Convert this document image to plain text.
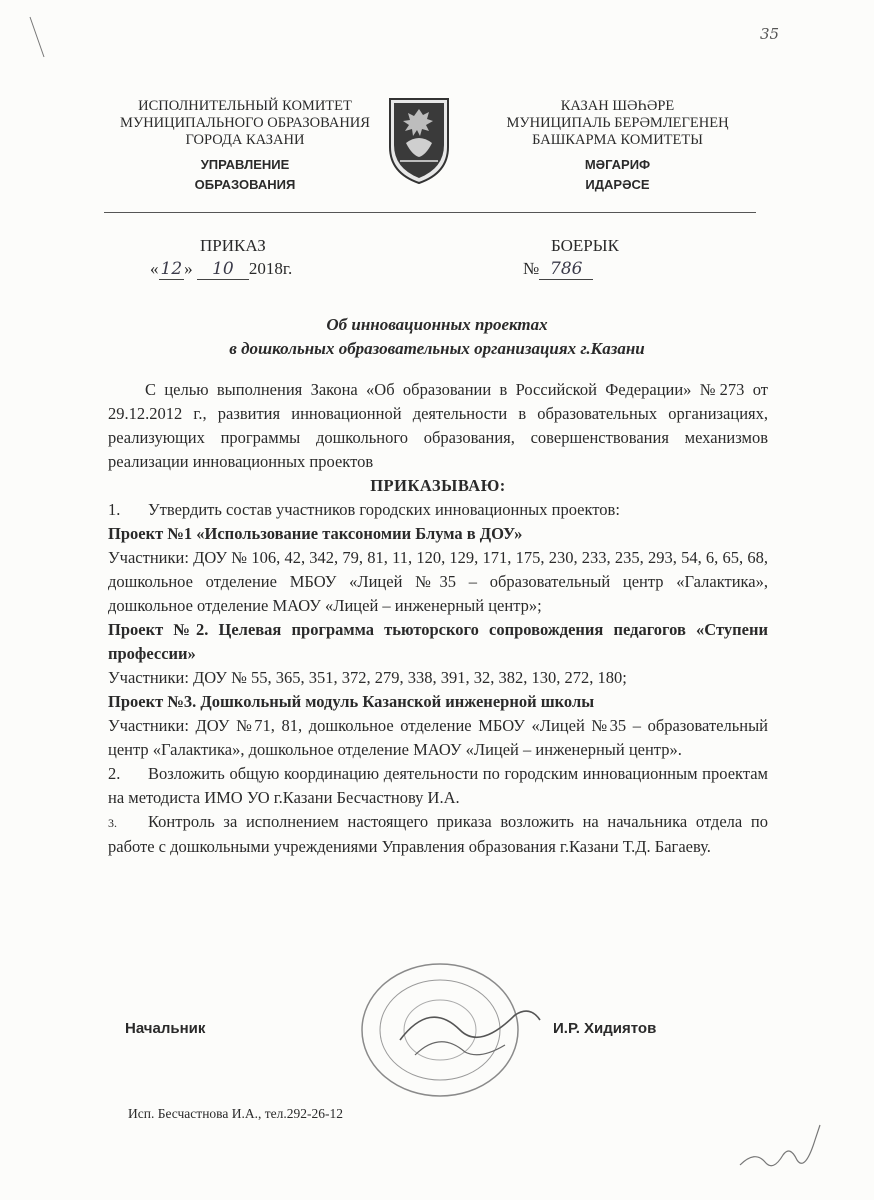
35
ИСПОЛНИТЕЛЬНЫЙ КОМИТЕТ
МУНИЦИПАЛЬНОГО ОБРАЗОВАНИЯ
ГОРОДА КАЗАНИ
УПРАВЛЕНИЕ
ОБРАЗОВАНИЯ
КАЗАН ШӘҺӘРЕ
МУНИЦИПАЛЬ БЕРӘМЛЕГЕНЕҢ
БАШКАРМА КОМИТЕТЫ
МӘГАРИФ
ИДАРӘСЕ
ПРИКАЗ	БОЕРЫК
« 12 » 10 2018г.	№ 786
Об инновационных проектах
в дошкольных образовательных организациях г.Казани

С целью выполнения Закона «Об образовании в Российской Федерации» №273 от 29.12.2012 г., развития инновационной деятельности в образовательных организациях, реализующих программы дошкольного образования, совершенствования механизмов реализации инновационных проектов

ПРИКАЗЫВАЮ:

1. Утвердить состав участников городских инновационных проектов:

Проект №1 «Использование таксономии Блума в ДОУ»

Участники: ДОУ № 106, 42, 342, 79, 81, 11, 120, 129, 171, 175, 230, 233, 235, 293, 54, 6, 65, 68, дошкольное отделение МБОУ «Лицей №35 – образовательный центр «Галактика», дошкольное отделение МАОУ «Лицей – инженерный центр»;

Проект №2. Целевая программа тьюторского сопровождения педагогов «Ступени профессии»

Участники: ДОУ № 55, 365, 351, 372, 279, 338, 391, 32, 382, 130, 272, 180;

Проект №3. Дошкольный модуль Казанской инженерной школы

Участники: ДОУ №71, 81, дошкольное отделение МБОУ «Лицей №35 – образовательный центр «Галактика», дошкольное отделение МАОУ «Лицей – инженерный центр».

2. Возложить общую координацию деятельности по городским инновационным проектам на методиста ИМО УО г.Казани Бесчастнову И.А.

3. Контроль за исполнением настоящего приказа возложить на начальника отдела по работе с дошкольными учреждениями Управления образования г.Казани Т.Д. Багаеву.

Начальник	И.Р. Хидиятов
Исп. Бесчастнова И.А., тел.292-26-12
